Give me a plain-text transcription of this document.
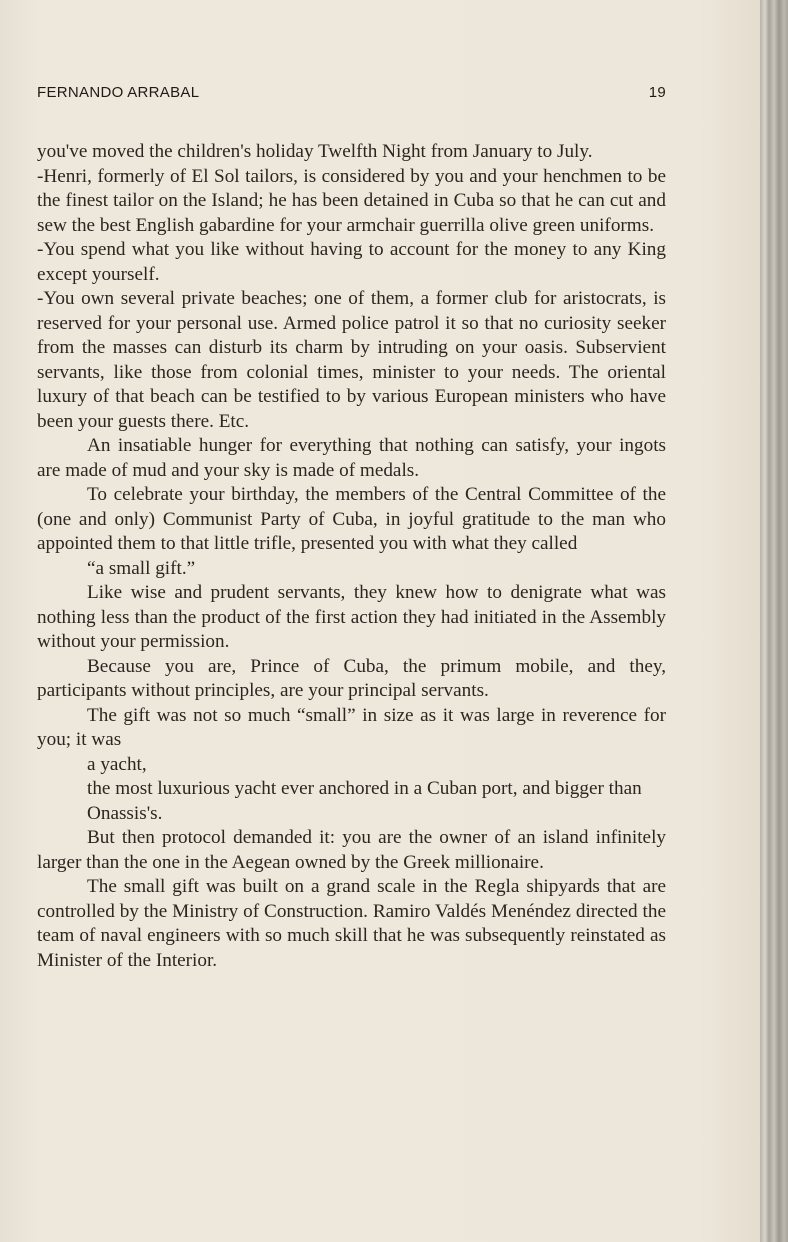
FERNANDO ARRABAL	19

you've moved the children's holiday Twelfth Night from January to July.

-Henri, formerly of El Sol tailors, is considered by you and your henchmen to be the finest tailor on the Island; he has been detained in Cuba so that he can cut and sew the best English gabardine for your armchair guerrilla olive green uniforms.

-You spend what you like without having to account for the money to any King except yourself.

-You own several private beaches; one of them, a former club for aristocrats, is reserved for your personal use. Armed police patrol it so that no curiosity seeker from the masses can disturb its charm by intruding on your oasis. Subservient servants, like those from colonial times, minister to your needs. The oriental luxury of that beach can be testified to by various European ministers who have been your guests there. Etc.

An insatiable hunger for everything that nothing can satisfy, your ingots are made of mud and your sky is made of medals.

To celebrate your birthday, the members of the Central Committee of the (one and only) Communist Party of Cuba, in joyful gratitude to the man who appointed them to that little trifle, presented you with what they called

“a small gift.”

Like wise and prudent servants, they knew how to denigrate what was nothing less than the product of the first action they had initiated in the Assembly without your permission.

Because you are, Prince of Cuba, the primum mobile, and they, participants without principles, are your principal servants.

The gift was not so much “small” in size as it was large in reverence for you; it was

a yacht,

the most luxurious yacht ever anchored in a Cuban port, and bigger than

Onassis's.

But then protocol demanded it: you are the owner of an island infinitely larger than the one in the Aegean owned by the Greek millionaire.

The small gift was built on a grand scale in the Regla shipyards that are controlled by the Ministry of Construction. Ramiro Valdés Menéndez directed the team of naval engineers with so much skill that he was subsequently reinstated as Minister of the Interior.
